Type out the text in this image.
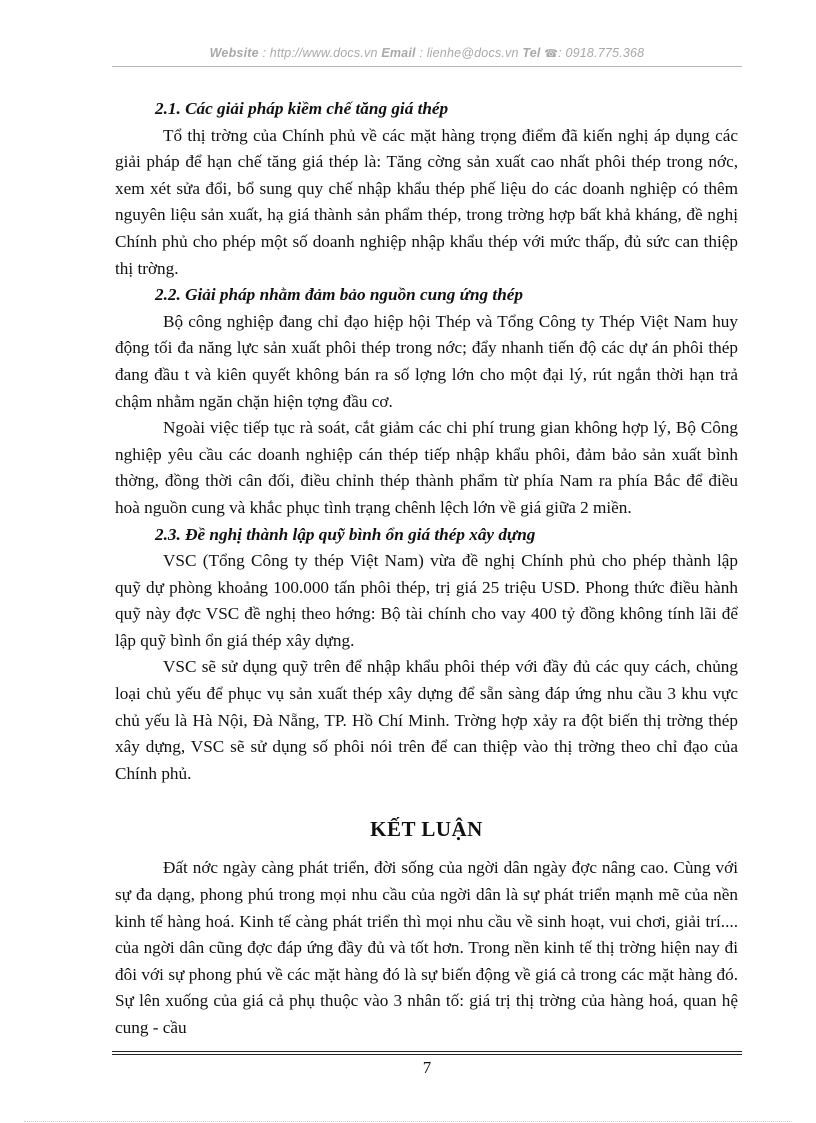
Website : http://www.docs.vn Email : lienhe@docs.vn Tel ☎: 0918.775.368

2.1. Các giải pháp kiềm chế tăng giá thép

Tổ thị trờng của Chính phủ về các mặt hàng trọng điểm đã kiến nghị áp dụng các giải pháp để hạn chế tăng giá thép là: Tăng cờng sản xuất cao nhất phôi thép trong nớc, xem xét sửa đổi, bổ sung quy chế nhập khẩu thép phế liệu do các doanh nghiệp có thêm nguyên liệu sản xuất, hạ giá thành sản phẩm thép, trong trờng hợp bất khả kháng, đề nghị Chính phủ cho phép một số doanh nghiệp nhập khẩu thép với mức thấp, đủ sức can thiệp thị trờng.

2.2. Giải pháp nhằm đảm bảo nguồn cung ứng thép

Bộ công nghiệp đang chỉ đạo hiệp hội Thép và Tổng Công ty Thép Việt Nam huy động tối đa năng lực sản xuất phôi thép trong nớc; đẩy nhanh tiến độ các dự án phôi thép đang đầu t và kiên quyết không bán ra số lợng lớn cho một đại lý, rút ngắn thời hạn trả chậm nhằm ngăn chặn hiện tợng đầu cơ.

Ngoài việc tiếp tục rà soát, cắt giảm các chi phí trung gian không hợp lý, Bộ Công nghiệp yêu cầu các doanh nghiệp cán thép tiếp nhập khẩu phôi, đảm bảo sản xuất bình thờng, đồng thời cân đối, điều chỉnh thép thành phẩm từ phía Nam ra phía Bắc để điều hoà nguồn cung và khắc phục tình trạng chênh lệch lớn về giá giữa 2 miền.

2.3. Đề nghị thành lập quỹ bình ổn giá thép xây dựng

VSC (Tổng Công ty thép Việt Nam) vừa đề nghị Chính phủ cho phép thành lập quỹ dự phòng khoảng 100.000 tấn phôi thép, trị giá 25 triệu USD. Phong thức điều hành quỹ này đợc VSC đề nghị theo hớng: Bộ tài chính cho vay 400 tỷ đồng không tính lãi để lập quỹ bình ổn giá thép xây dựng.

VSC sẽ sử dụng quỹ trên để nhập khẩu phôi thép với đầy đủ các quy cách, chủng loại chủ yếu để phục vụ sản xuất thép xây dựng để sẵn sàng đáp ứng nhu cầu 3 khu vực chủ yếu là Hà Nội, Đà Nẵng, TP. Hồ Chí Minh. Trờng hợp xảy ra đột biến thị trờng thép xây dựng, VSC sẽ sử dụng số phôi nói trên để can thiệp vào thị trờng theo chỉ đạo của Chính phủ.

KẾT LUẬN

Đất nớc ngày càng phát triển, đời sống của ngời dân ngày đợc nâng cao. Cùng với sự đa dạng, phong phú trong mọi nhu cầu của ngời dân là sự phát triển mạnh mẽ của nền kinh tế hàng hoá. Kinh tế càng phát triển thì mọi nhu cầu về sinh hoạt, vui chơi, giải trí.... của ngời dân cũng đợc đáp ứng đầy đủ và tốt hơn. Trong nền kinh tế thị trờng hiện nay đi đôi với sự phong phú về các mặt hàng đó là sự biến động về giá cả trong các mặt hàng đó. Sự lên xuống của giá cả phụ thuộc vào 3 nhân tố: giá trị thị trờng của hàng hoá, quan hệ cung - cầu

7
